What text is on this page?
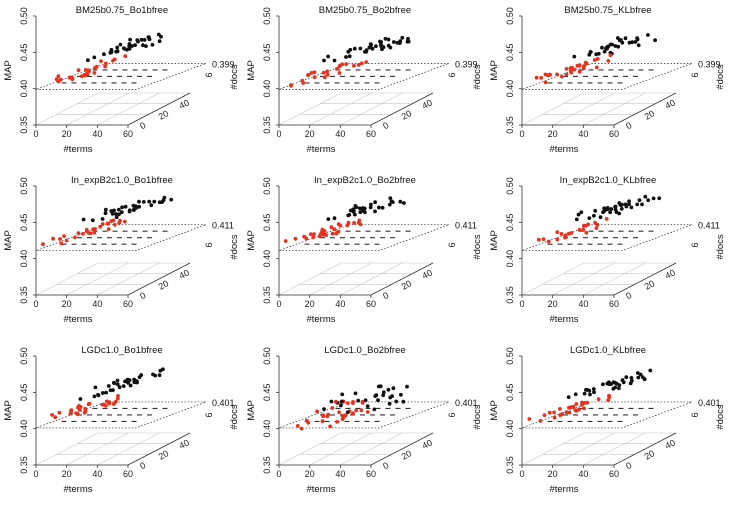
BM25b0.75_Bo1bfree
0.35
0.40
0.45
0.50
MAP
0	20 40 60
#terms
0
20
40
6 #docs
0.399
BM25b0.75_Bo2bfree
0.35
0.40
0.45
0.50
MAP
0	20 40 60
#terms
0
20
40
6 #docs
0.399
BM25b0.75_KLbfree
0.35
0.40
0.45
0.50
MAP
0	20 40 60
#terms
0
20
40
6 #docs
0.399
In_expB2c1.0_Bo1bfree
0.35
0.40
0.45
0.50
MAP
0	20 40 60
#terms
0
20
40
6 #docs
0.411
In_expB2c1.0_Bo2bfree
0.35
0.40
0.45
0.50
MAP
0	20 40 60
#terms
0
20
40
6 #docs
0.411
In_expB2c1.0_KLbfree
0.35
0.40
0.45
0.50
MAP
0	20 40 60
#terms
0
20
40
6 #docs
0.411
LGDc1.0_Bo1bfree
0.35
0.40
0.45
0.50
MAP
0	20 40 60
#terms
0
20
40
6 #docs
0.401
LGDc1.0_Bo2bfree
0.35
0.40
0.45
0.50
MAP
0	20 40 60
#terms
0
20
40
6 #docs
0.401
LGDc1.0_KLbfree
0.35
0.40
0.45
0.50
MAP
0	20 40 60
#terms
0
20
40
6 #docs
0.401
